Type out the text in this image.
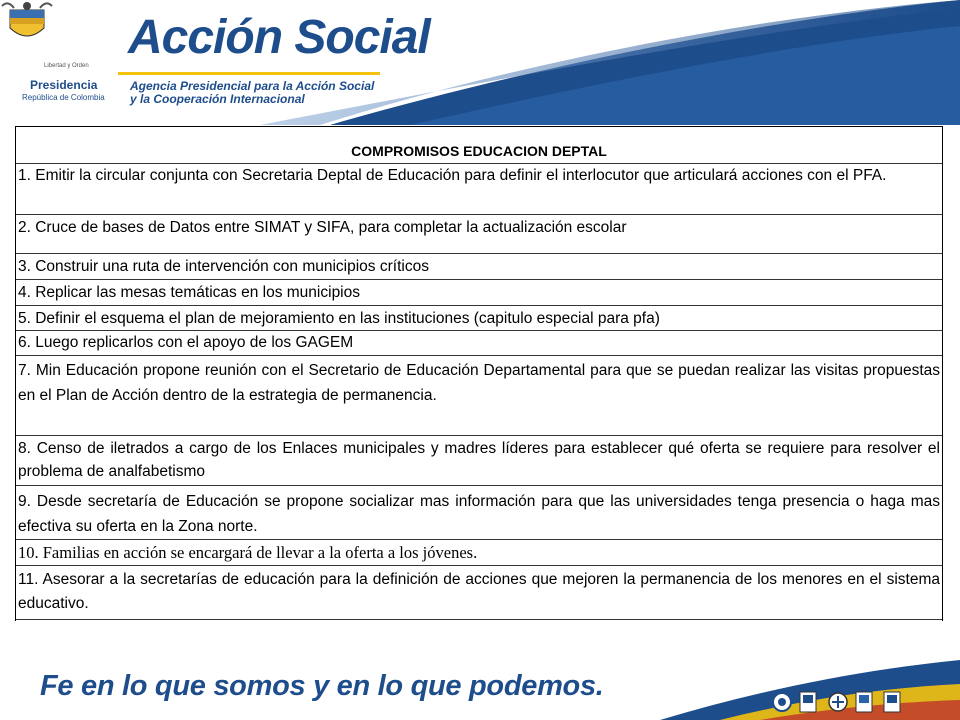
Libertad y Orden
Presidencia
República de Colombia
Acción Social
Agencia Presidencial para la Acción Social
y la Cooperación Internacional
COMPROMISOS EDUCACION DEPTAL
1. Emitir la circular conjunta con Secretaria Deptal de Educación para definir el interlocutor que articulará acciones con el PFA.
2. Cruce de bases de Datos entre SIMAT y SIFA, para completar la actualización escolar
3. Construir una ruta de intervención con municipios críticos
4. Replicar las mesas temáticas en los municipios
5. Definir el esquema el plan de mejoramiento en las instituciones (capitulo especial para pfa)
6. Luego replicarlos con el apoyo de los GAGEM
7. Min Educación propone reunión con el Secretario de Educación Departamental para que se puedan realizar las visitas propuestas en el Plan de Acción dentro de la estrategia de permanencia.
8. Censo de iletrados a cargo de los Enlaces municipales y madres líderes para establecer qué oferta se requiere para resolver el problema de analfabetismo
9. Desde secretaría de Educación se propone socializar mas información para que las universidades tenga presencia o haga mas efectiva su oferta en la Zona norte.
10. Familias en acción se encargará de llevar a la oferta a los jóvenes.
11. Asesorar a la secretarías de educación para la definición de acciones que mejoren la permanencia de los menores en el sistema educativo.
Fe en lo que somos y en lo que podemos.
